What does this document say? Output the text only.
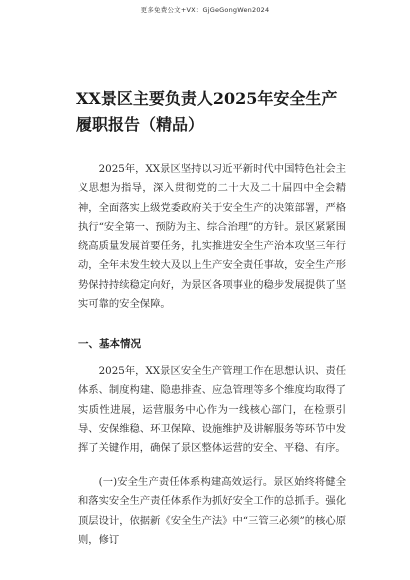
更多免费公文+VX：GjGeGongWen2024
XX景区主要负责人2025年安全生产履职报告（精品）

2025年，XX景区坚持以习近平新时代中国特色社会主义思想为指导，深入贯彻党的二十大及二十届四中全会精神，全面落实上级党委政府关于安全生产的决策部署，严格执行“安全第一、预防为主、综合治理”的方针。景区紧紧围绕高质量发展首要任务，扎实推进安全生产治本攻坚三年行动，全年未发生较大及以上生产安全责任事故，安全生产形势保持持续稳定向好，为景区各项事业的稳步发展提供了坚实可靠的安全保障。

一、基本情况

2025年，XX景区安全生产管理工作在思想认识、责任体系、制度构建、隐患排查、应急管理等多个维度均取得了实质性进展，运营服务中心作为一线核心部门，在检票引导、安保维稳、环卫保障、设施维护及讲解服务等环节中发挥了关键作用，确保了景区整体运营的安全、平稳、有序。

(一)安全生产责任体系构建高效运行。景区始终将健全和落实安全生产责任体系作为抓好安全工作的总抓手。强化顶层设计，依据新《安全生产法》中“三管三必须”的核心原则，修订
